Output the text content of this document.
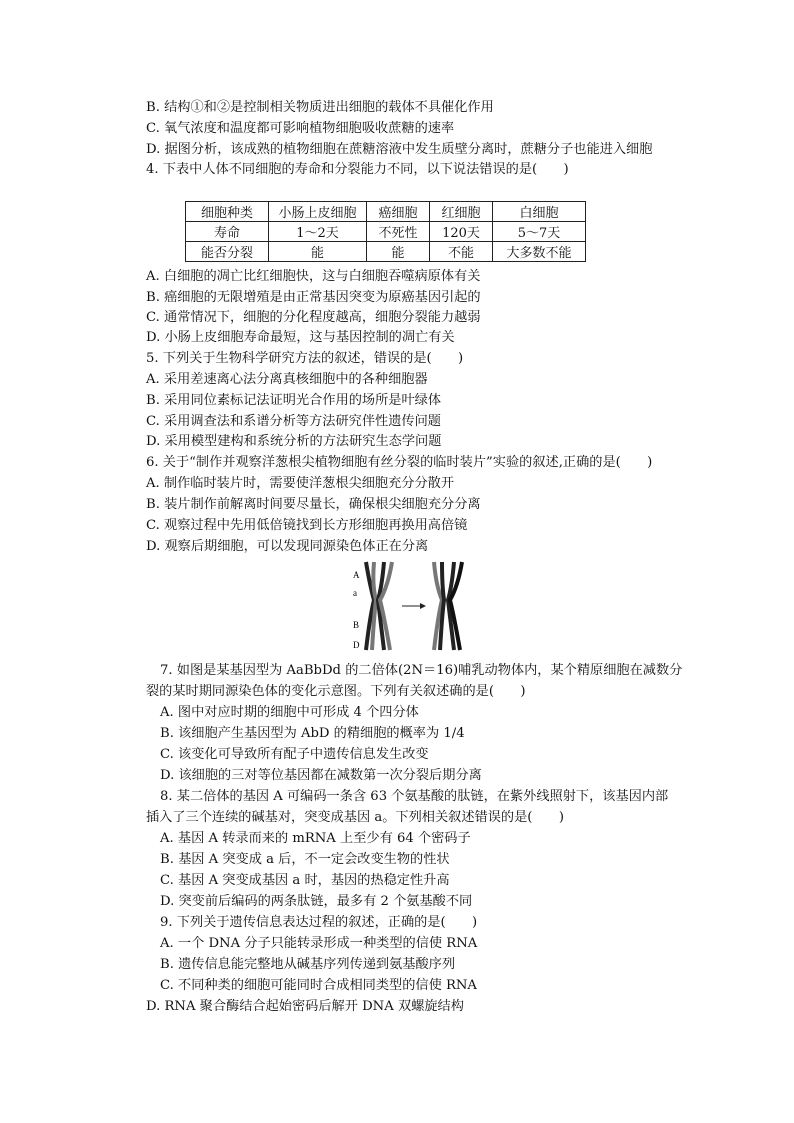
B. 结构①和②是控制相关物质进出细胞的载体不具催化作用
C. 氧气浓度和温度都可影响植物细胞吸收蔗糖的速率
D. 据图分析，该成熟的植物细胞在蔗糖溶液中发生质壁分离时，蔗糖分子也能进入细胞
4. 下表中人体不同细胞的寿命和分裂能力不同，以下说法错误的是(　　)
细胞种类	小肠上皮细胞	癌细胞	红细胞	白细胞
寿命	1～2天	不死性	120天	5～7天
能否分裂	能	能	不能	大多数不能
A. 白细胞的凋亡比红细胞快，这与白细胞吞噬病原体有关
B. 癌细胞的无限增殖是由正常基因突变为原癌基因引起的
C. 通常情况下，细胞的分化程度越高，细胞分裂能力越弱
D. 小肠上皮细胞寿命最短，这与基因控制的凋亡有关
5. 下列关于生物科学研究方法的叙述，错误的是(　　)
A. 采用差速离心法分离真核细胞中的各种细胞器
B. 采用同位素标记法证明光合作用的场所是叶绿体
C. 采用调查法和系谱分析等方法研究伴性遗传问题
D. 采用模型建构和系统分析的方法研究生态学问题
6. 关于“制作并观察洋葱根尖植物细胞有丝分裂的临时装片”实验的叙述,正确的是(　　)
A. 制作临时装片时，需要使洋葱根尖细胞充分分散开
B. 装片制作前解离时间要尽量长，确保根尖细胞充分分离
C. 观察过程中先用低倍镜找到长方形细胞再换用高倍镜
D. 观察后期细胞，可以发现同源染色体正在分离
A
a
B
D
7. 如图是某基因型为 AaBbDd 的二倍体(2N＝16)哺乳动物体内，某个精原细胞在减数分
裂的某时期同源染色体的变化示意图。下列有关叙述确的是(　　)
A. 图中对应时期的细胞中可形成 4 个四分体
B. 该细胞产生基因型为 AbD 的精细胞的概率为 1/4
C. 该变化可导致所有配子中遗传信息发生改变
D. 该细胞的三对等位基因都在减数第一次分裂后期分离
8. 某二倍体的基因 A 可编码一条含 63 个氨基酸的肽链，在紫外线照射下，该基因内部
插入了三个连续的碱基对，突变成基因 a。下列相关叙述错误的是(　　)
A. 基因 A 转录而来的 mRNA 上至少有 64 个密码子
B. 基因 A 突变成 a 后，不一定会改变生物的性状
C. 基因 A 突变成基因 a 时，基因的热稳定性升高
D. 突变前后编码的两条肽链，最多有 2 个氨基酸不同
9. 下列关于遗传信息表达过程的叙述，正确的是(　　)
A. 一个 DNA 分子只能转录形成一种类型的信使 RNA
B. 遗传信息能完整地从碱基序列传递到氨基酸序列
C. 不同种类的细胞可能同时合成相同类型的信使 RNA
D. RNA 聚合酶结合起始密码后解开 DNA 双螺旋结构
